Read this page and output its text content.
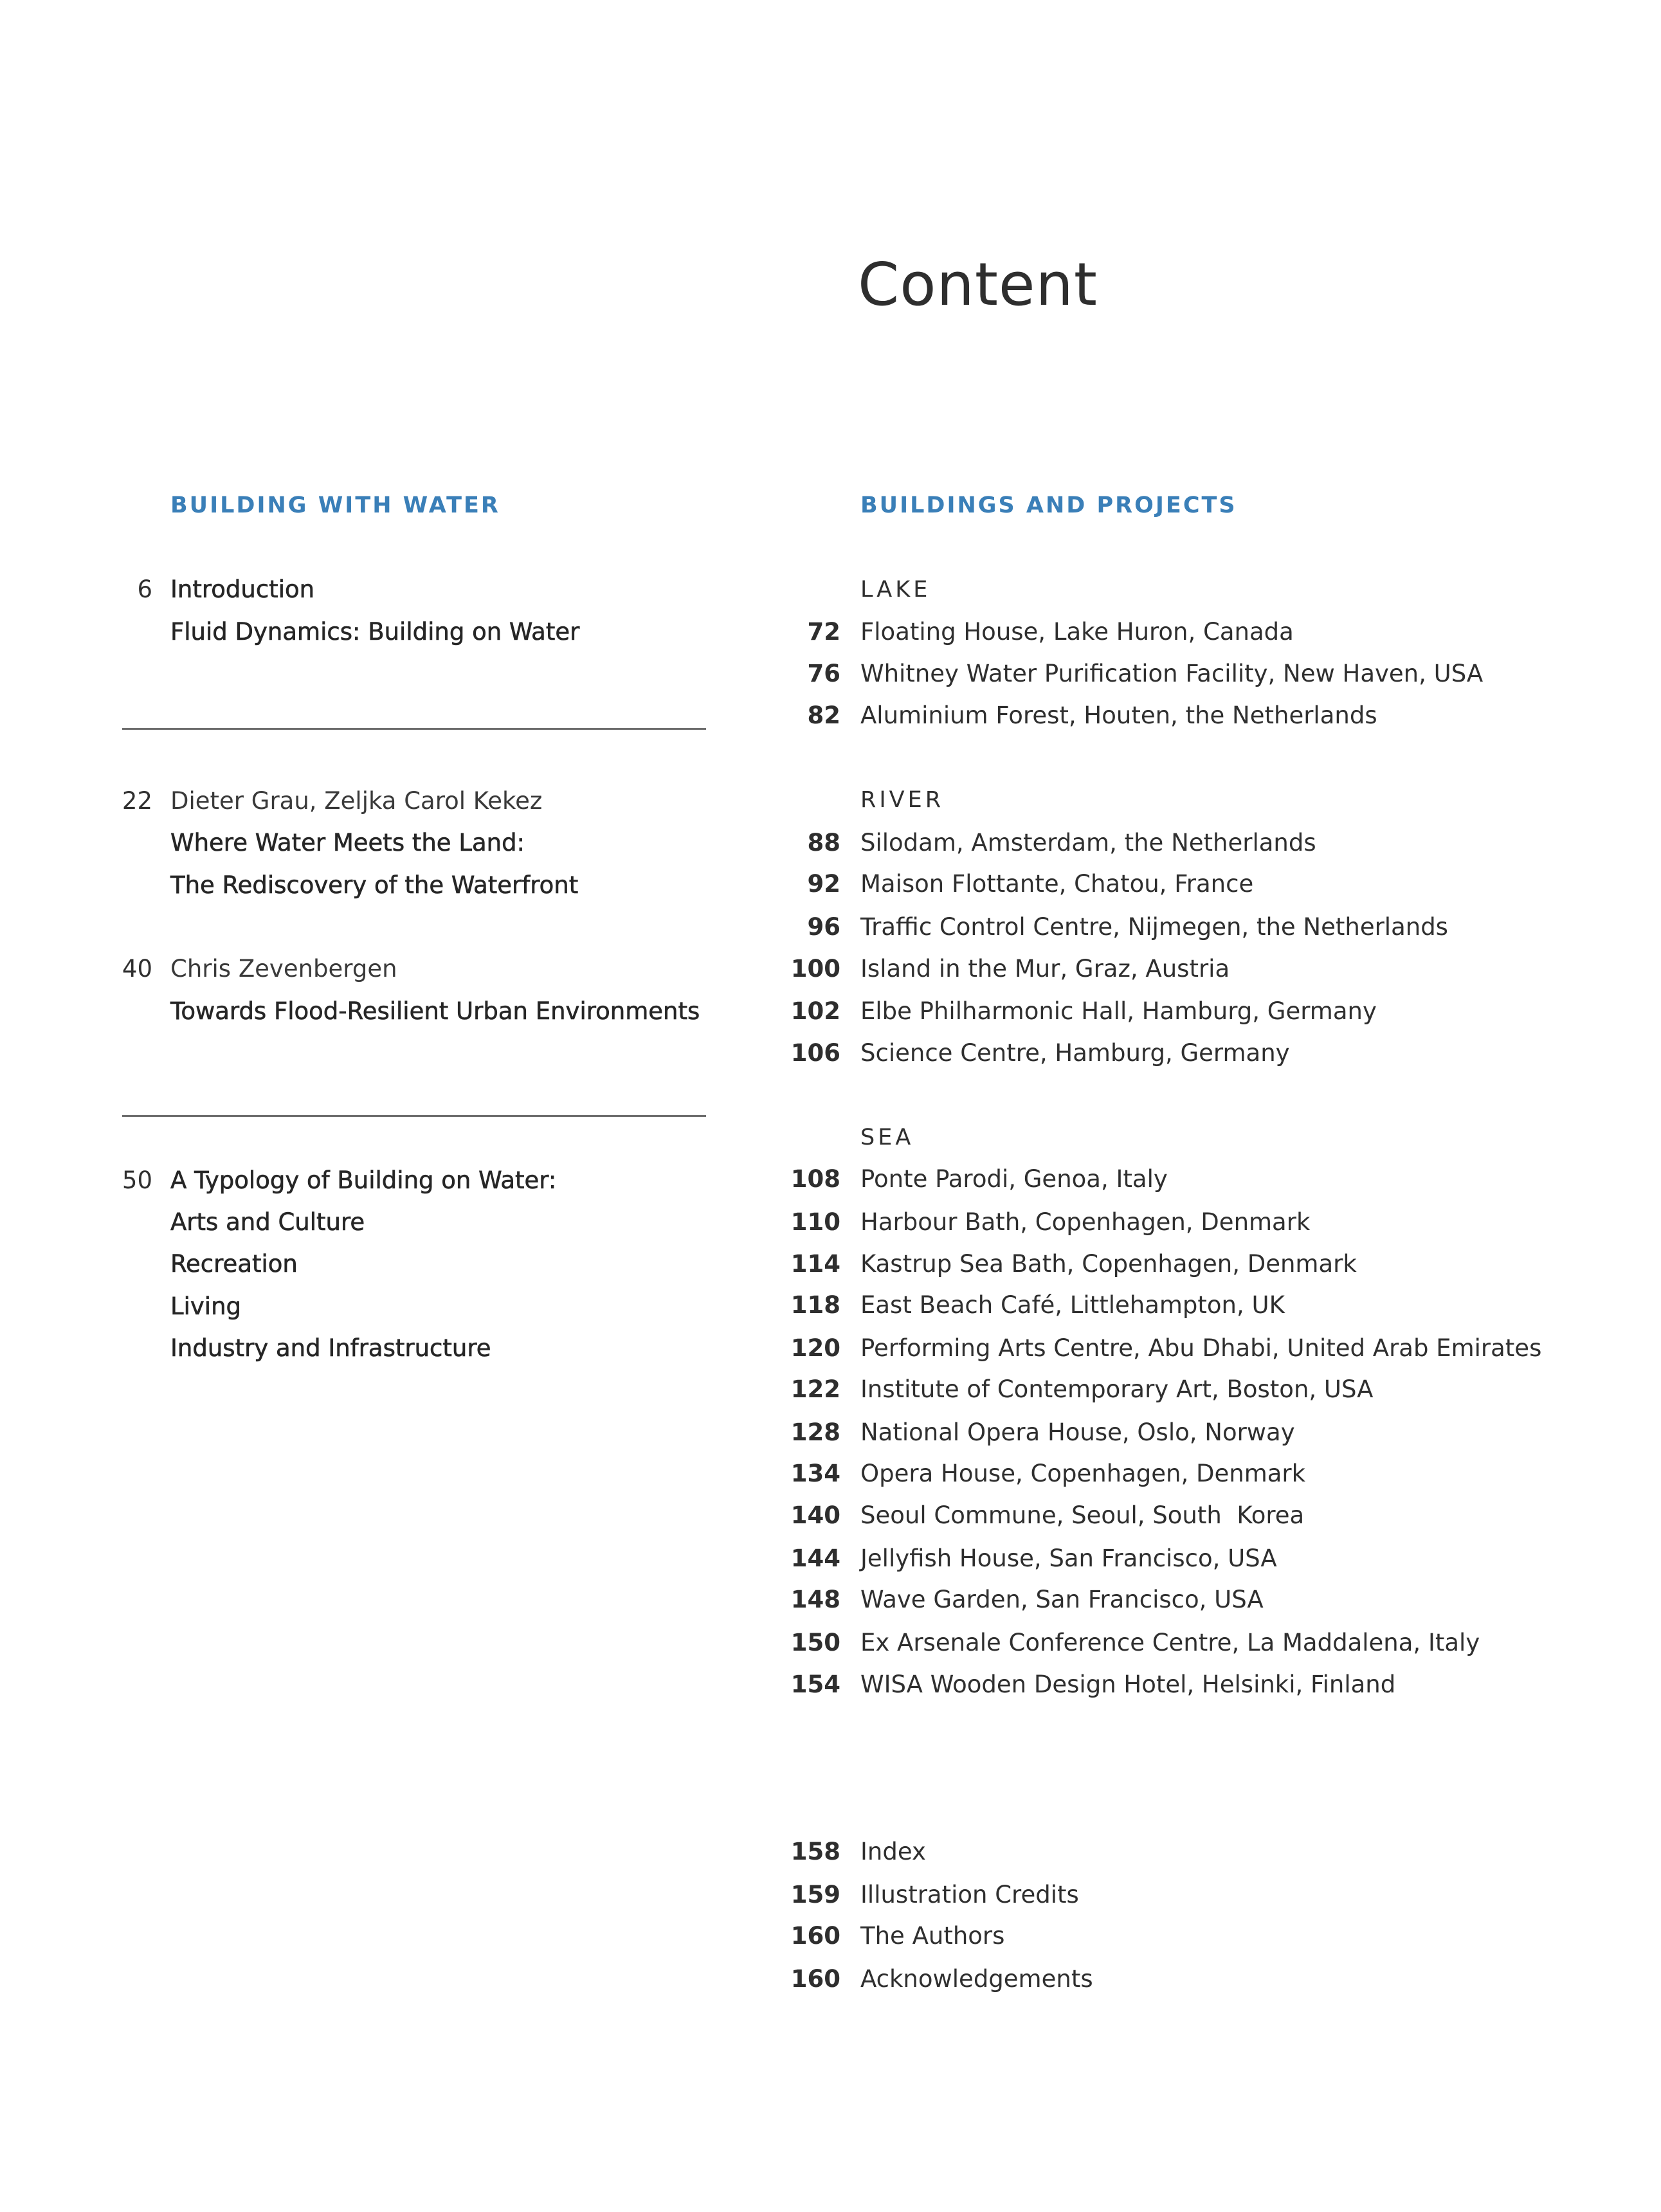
Content
BUILDING WITH WATER
6 Introduction
Fluid Dynamics: Building on Water
22 Dieter Grau, Zeljka Carol Kekez
Where Water Meets the Land:
The Rediscovery of the Waterfront
40 Chris Zevenbergen
Towards Flood-Resilient Urban Environments
50 A Typology of Building on Water:
Arts and Culture
Recreation
Living
Industry and Infrastructure
BUILDINGS AND PROJECTS
LAKE
72 Floating House, Lake Huron, Canada
76 Whitney Water Purification Facility, New Haven, USA
82 Aluminium Forest, Houten, the Netherlands
RIVER
88 Silodam, Amsterdam, the Netherlands
92 Maison Flottante, Chatou, France
96 Traffic Control Centre, Nijmegen, the Netherlands
100 Island in the Mur, Graz, Austria
102 Elbe Philharmonic Hall, Hamburg, Germany
106 Science Centre, Hamburg, Germany
SEA
108 Ponte Parodi, Genoa, Italy
110 Harbour Bath, Copenhagen, Denmark
114 Kastrup Sea Bath, Copenhagen, Denmark
118 East Beach Café, Littlehampton, UK
120 Performing Arts Centre, Abu Dhabi, United Arab Emirates
122 Institute of Contemporary Art, Boston, USA
128 National Opera House, Oslo, Norway
134 Opera House, Copenhagen, Denmark
140 Seoul Commune, Seoul, South  Korea
144 Jellyfish House, San Francisco, USA
148 Wave Garden, San Francisco, USA
150 Ex Arsenale Conference Centre, La Maddalena, Italy
154 WISA Wooden Design Hotel, Helsinki, Finland
158 Index
159 Illustration Credits
160 The Authors
160 Acknowledgements
